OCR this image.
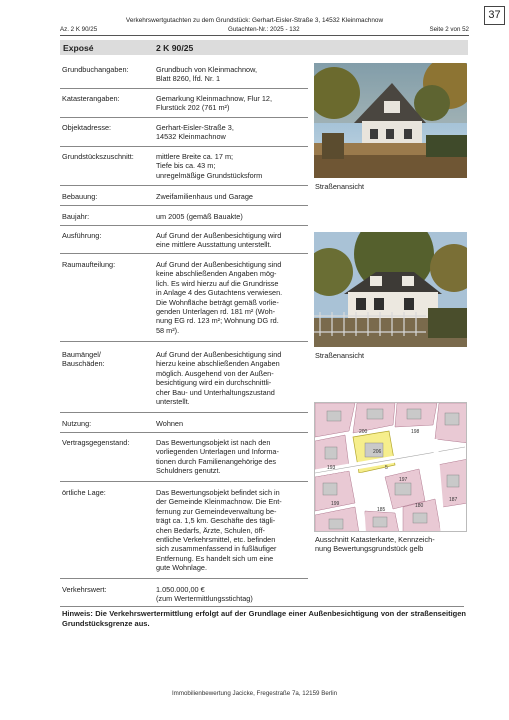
37
Verkehrswertgutachten zu dem Grundstück: Gerhart-Eisler-Straße 3, 14532 Kleinmachnow
Az. 2 K 90/25	Gutachten-Nr.: 2025 - 132	Seite 2 von 52
Exposé	2 K 90/25
Grundbuchangaben:	Grundbuch von Kleinmachnow,
Blatt 8260, lfd. Nr. 1
Katasterangaben:	Gemarkung Kleinmachnow, Flur 12,
Flurstück 202 (761 m²)
Objektadresse:	Gerhart-Eisler-Straße 3,
14532 Kleinmachnow
Grundstückszuschnitt:	mittlere Breite ca. 17 m;
Tiefe bis ca. 43 m;
unregelmäßige Grundstücksform
Bebauung:	Zweifamilienhaus und Garage
Baujahr:	um 2005 (gemäß Bauakte)
Ausführung:	Auf Grund der Außenbesichtigung wird
eine mittlere Ausstattung unterstellt.
Raumaufteilung:	Auf Grund der Außenbesichtigung sind
keine abschließenden Angaben mög-
lich. Es wird hierzu auf die Grundrisse
in Anlage 4 des Gutachtens verwiesen.
Die Wohnfläche beträgt gemäß vorlie-
genden Unterlagen rd. 181 m² (Woh-
nung EG rd. 123 m²; Wohnung DG rd.
58 m²).
Baumängel/
Bauschäden:
Auf Grund der Außenbesichtigung sind
hierzu keine abschließenden Angaben
möglich. Ausgehend von der Außen-
besichtigung wird ein durchschnittli-
cher Bau- und Unterhaltungszustand
unterstellt.
Nutzung:	Wohnen
Vertragsgegenstand:	Das Bewertungsobjekt ist nach den
vorliegenden Unterlagen und Informa-
tionen durch Familienangehörige des
Schuldners genutzt.
örtliche Lage:	Das Bewertungsobjekt befindet sich in
der Gemeinde Kleinmachnow. Die Ent-
fernung zur Gemeindeverwaltung be-
trägt ca. 1,5 km. Geschäfte des tägli-
chen Bedarfs, Ärzte, Schulen, öff-
entliche Verkehrsmittel, etc. befinden
sich zusammenfassend in fußläufiger
Entfernung. Es handelt sich um eine
gute Wohnlage.
Verkehrswert:	1.050.000,00 €
(zum Wertermittlungsstichtag)
Straßenansicht
Straßenansicht
206
200
193
197
199
198
185
180
187
5
Ausschnitt Katasterkarte, Kennzeich-
nung Bewertungsgrundstück gelb
Hinweis: Die Verkehrswertermittlung erfolgt auf der Grundlage einer Außenbesichtigung von der straßenseitigen Grundstücksgrenze aus.
Immobilienbewertung Jacicke, Fregestraße 7a, 12159 Berlin
